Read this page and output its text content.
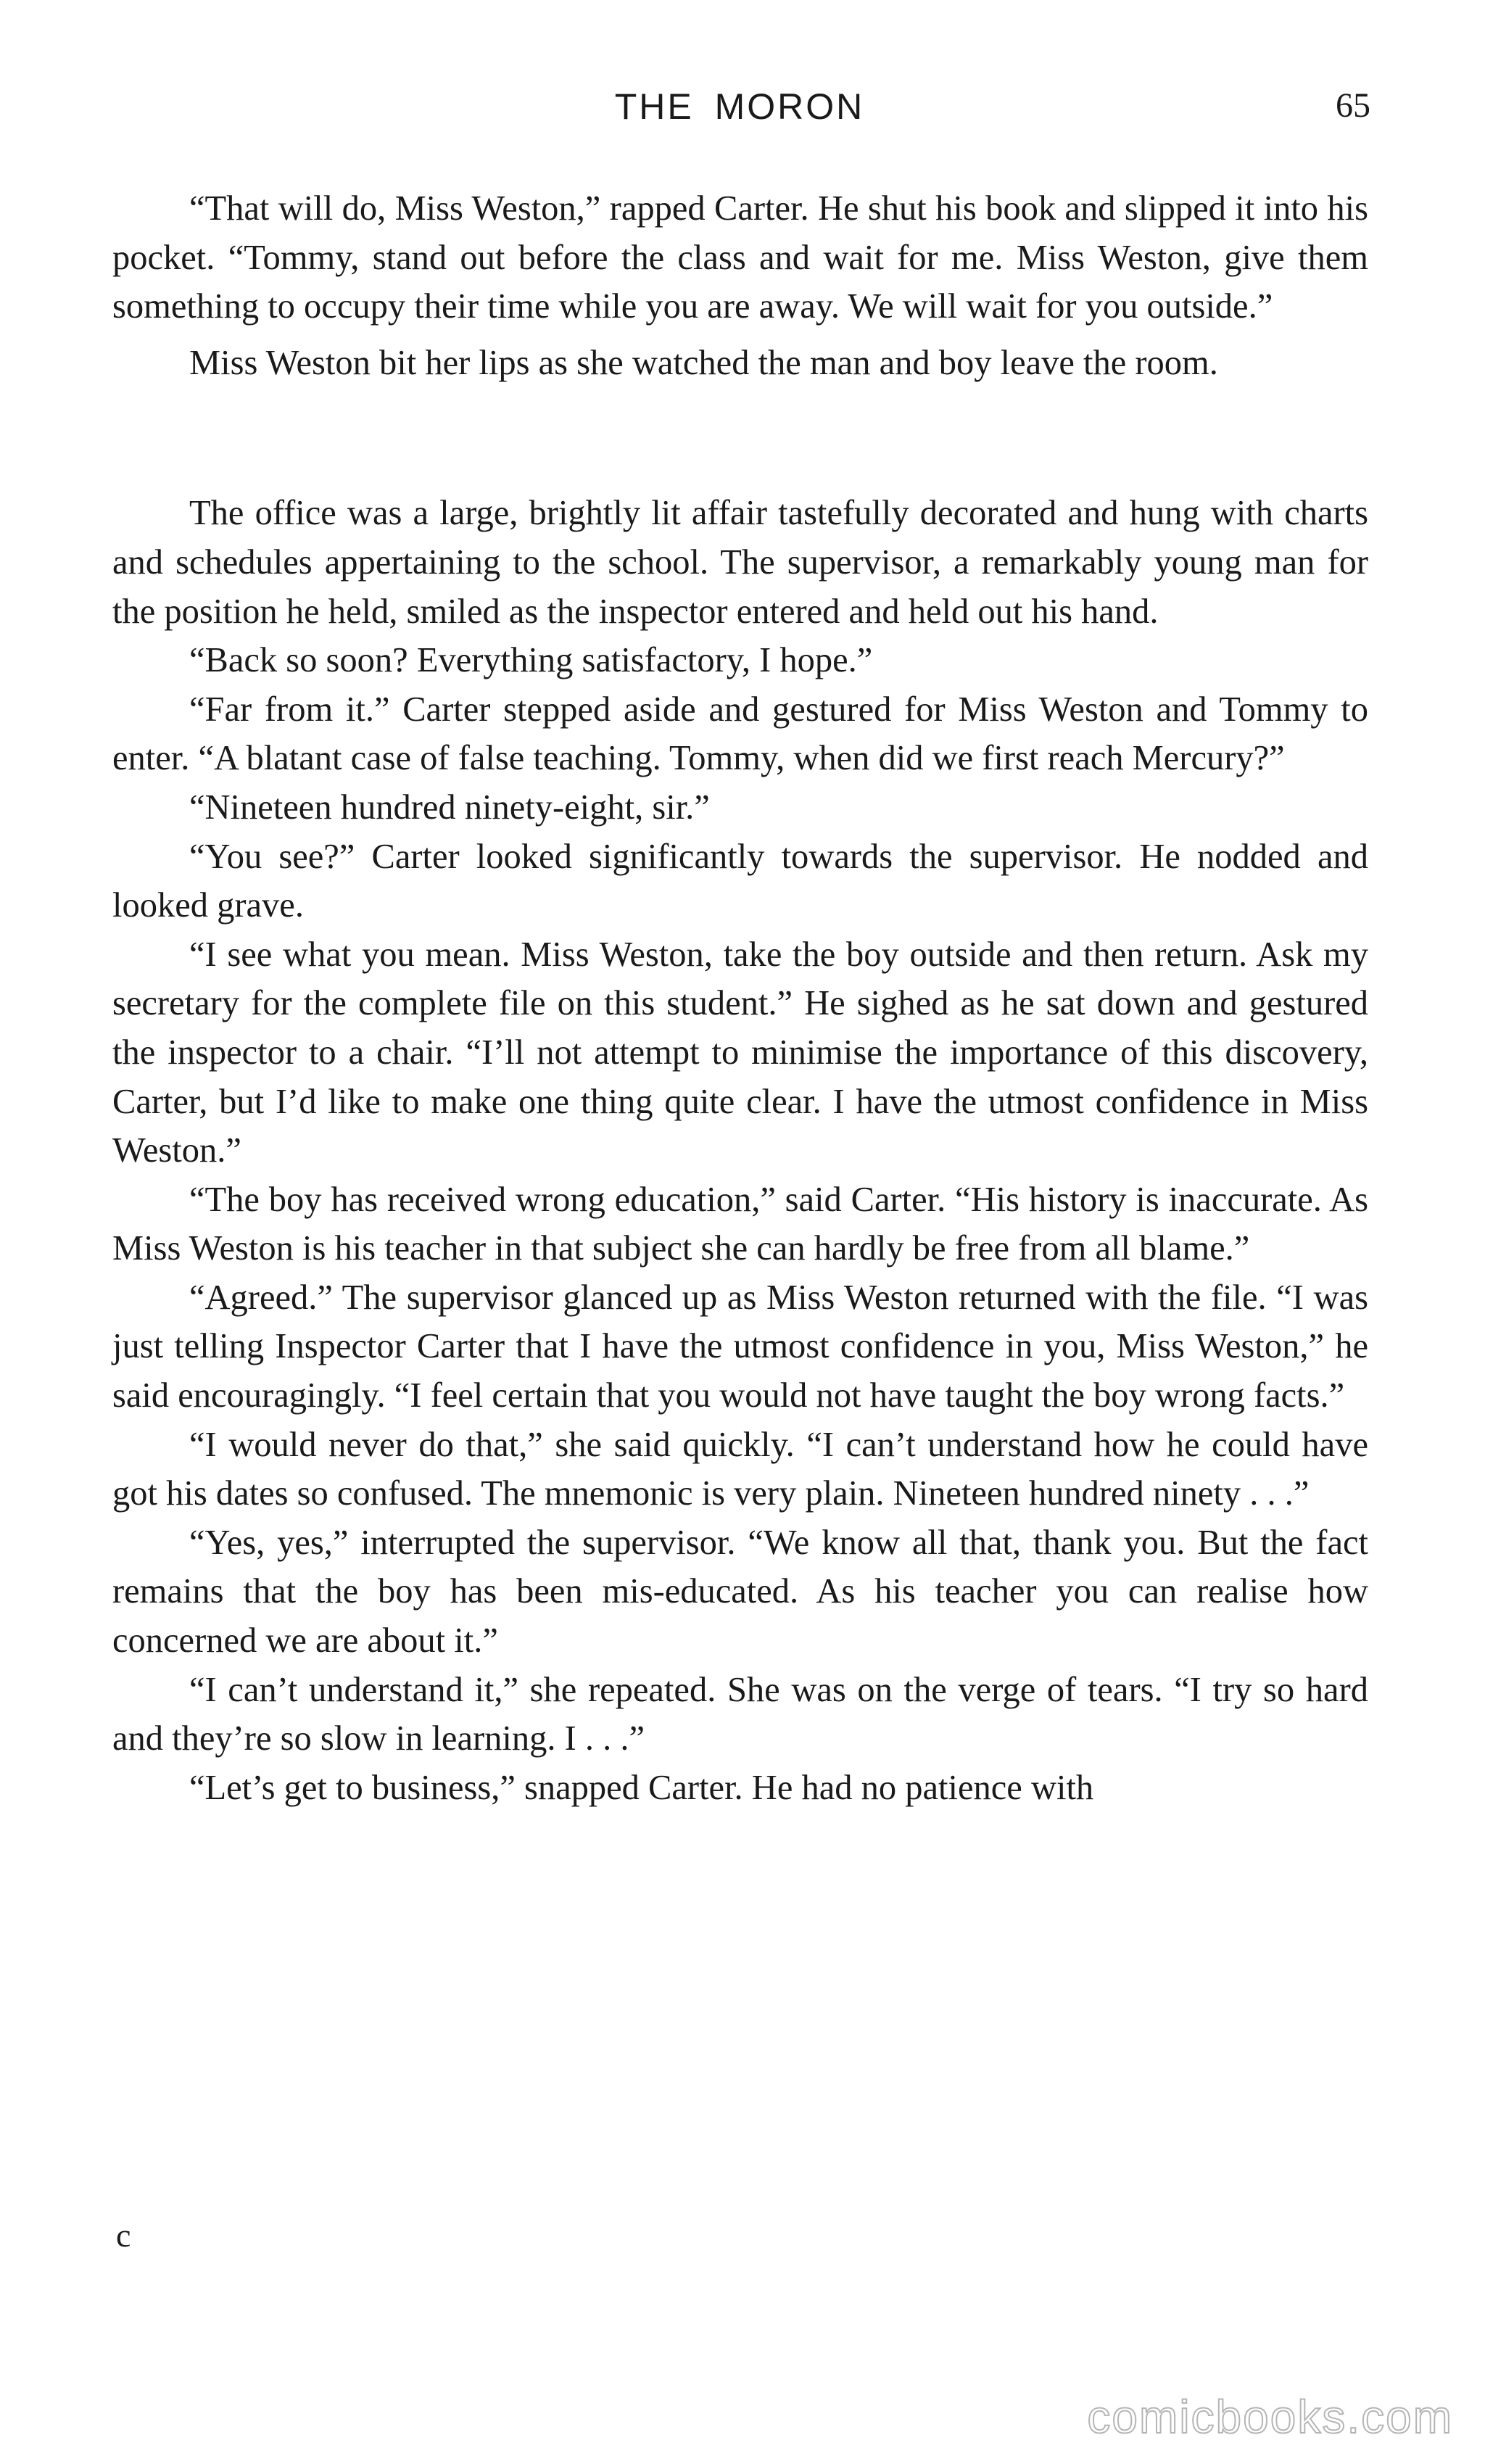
THE MORON	65

“That will do, Miss Weston,” rapped Carter. He shut his book and slipped it into his pocket. “Tommy, stand out before the class and wait for me. Miss Weston, give them something to occupy their time while you are away. We will wait for you outside.”

Miss Weston bit her lips as she watched the man and boy leave the room.

The office was a large, brightly lit affair tastefully decorated and hung with charts and schedules appertaining to the school. The supervisor, a remarkably young man for the position he held, smiled as the inspector entered and held out his hand.

“Back so soon? Everything satisfactory, I hope.”

“Far from it.” Carter stepped aside and gestured for Miss Weston and Tommy to enter. “A blatant case of false teaching. Tommy, when did we first reach Mercury?”

“Nineteen hundred ninety-eight, sir.”

“You see?” Carter looked significantly towards the supervisor. He nodded and looked grave.

“I see what you mean. Miss Weston, take the boy outside and then return. Ask my secretary for the complete file on this student.” He sighed as he sat down and gestured the inspector to a chair. “I’ll not attempt to minimise the importance of this discovery, Carter, but I’d like to make one thing quite clear. I have the utmost confidence in Miss Weston.”

“The boy has received wrong education,” said Carter. “His history is inaccurate. As Miss Weston is his teacher in that subject she can hardly be free from all blame.”

“Agreed.” The supervisor glanced up as Miss Weston returned with the file. “I was just telling Inspector Carter that I have the utmost confidence in you, Miss Weston,” he said encouragingly. “I feel certain that you would not have taught the boy wrong facts.”

“I would never do that,” she said quickly. “I can’t understand how he could have got his dates so confused. The mnemonic is very plain. Nineteen hundred ninety . . .”

“Yes, yes,” interrupted the supervisor. “We know all that, thank you. But the fact remains that the boy has been mis-educated. As his teacher you can realise how concerned we are about it.”

“I can’t understand it,” she repeated. She was on the verge of tears. “I try so hard and they’re so slow in learning. I . . .”

“Let’s get to business,” snapped Carter. He had no patience with

c
comicbooks.com
